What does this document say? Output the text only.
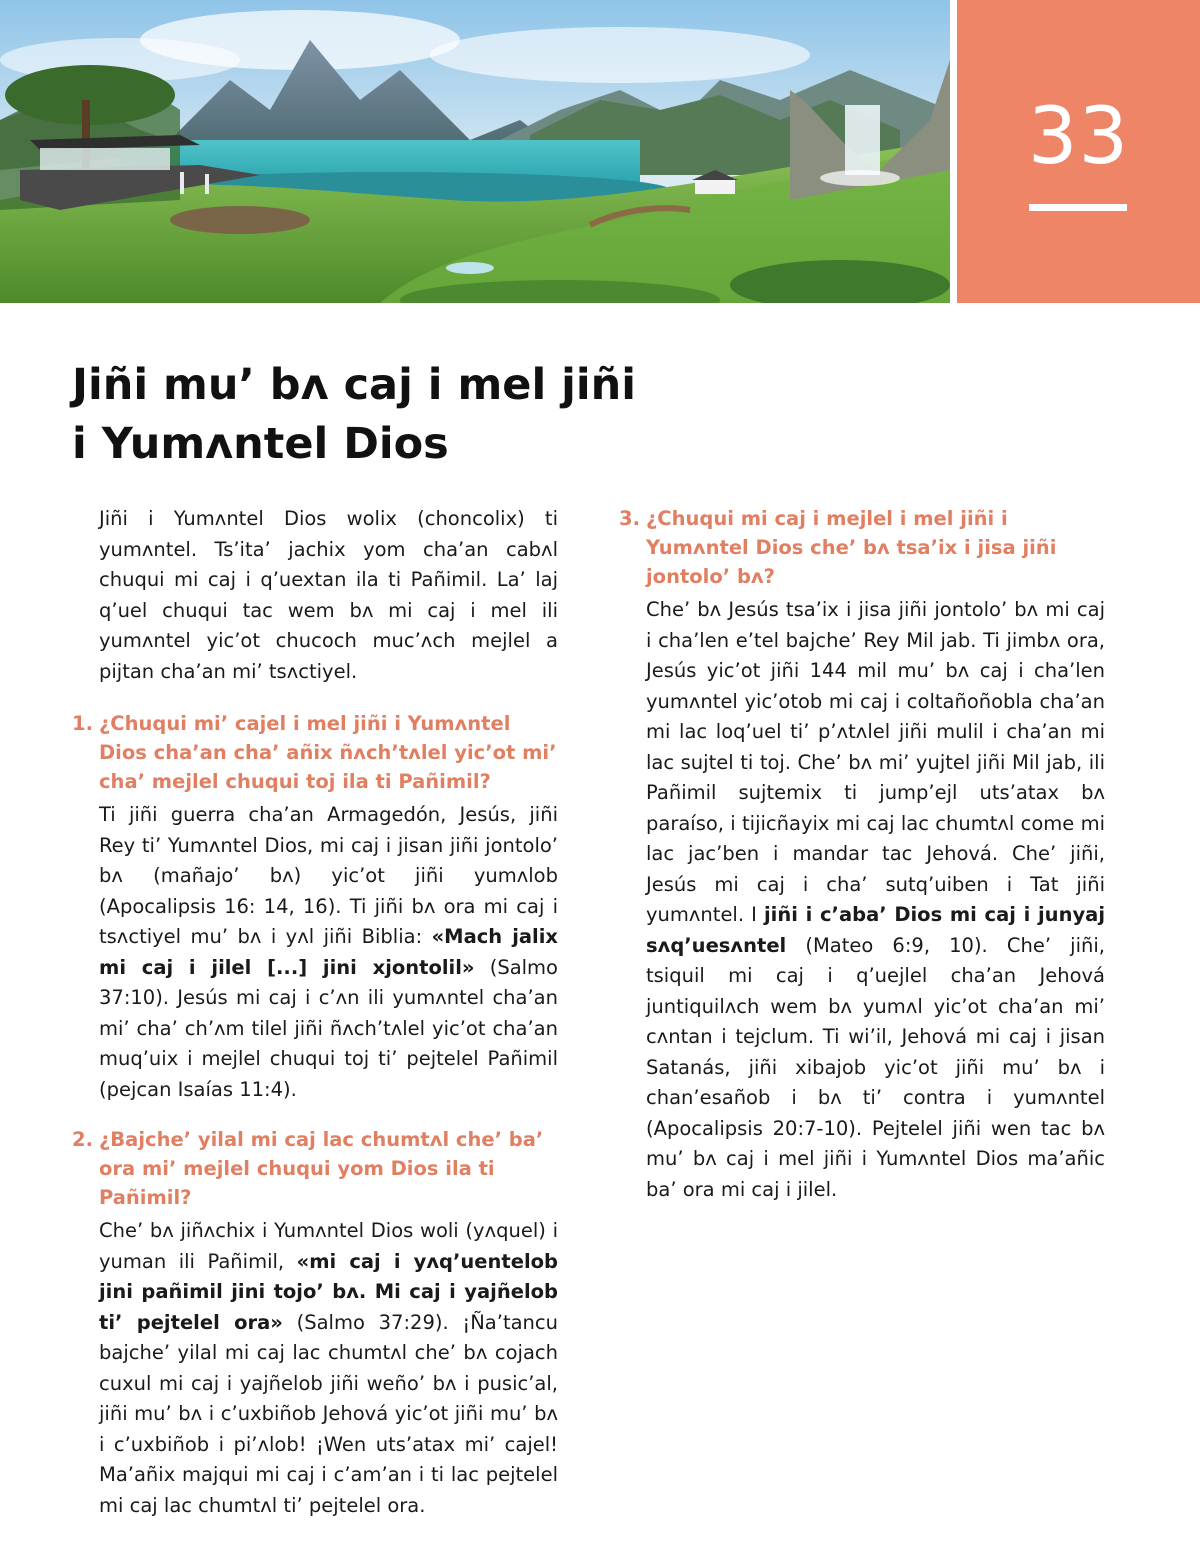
33
Jiñi mu’ bʌ caj i mel jiñi
i Yumʌntel Dios

Jiñi i Yumʌntel Dios wolix (choncolix) ti yumʌntel. Ts’ita’ jachix yom cha’an cabʌl chuqui mi caj i q’uextan ila ti Pañimil. La’ laj q’uel chuqui tac wem bʌ mi caj i mel ili yumʌntel yic’ot chucoch muc’ʌch mejlel a pijtan cha’an mi’ tsʌctiyel.

1. ¿Chuqui mi’ cajel i mel jiñi i Yumʌntel Dios cha’an cha’ añix ñʌch’tʌlel yic’ot mi’ cha’ mejlel chuqui toj ila ti Pañimil?

Ti jiñi guerra cha’an Armagedón, Jesús, jiñi Rey ti’ Yumʌntel Dios, mi caj i jisan jiñi jontolo’ bʌ (mañajo’ bʌ) yic’ot jiñi yumʌlob (Apocalipsis 16: 14, 16). Ti jiñi bʌ ora mi caj i tsʌctiyel mu’ bʌ i yʌl jiñi Biblia: «Mach jalix mi caj i jilel [...] jini xjontolil» (Salmo 37:10). Jesús mi caj i c’ʌn ili yumʌntel cha’an mi’ cha’ ch’ʌm tilel jiñi ñʌch’tʌlel yic’ot cha’an muq’uix i mejlel chuqui toj ti’ pejtelel Pañimil (pejcan Isaías 11:4).

2. ¿Bajche’ yilal mi caj lac chumtʌl che’ ba’ ora mi’ mejlel chuqui yom Dios ila ti Pañimil?

Che’ bʌ jiñʌchix i Yumʌntel Dios woli (yʌquel) i yuman ili Pañimil, «mi caj i yʌq’uentelob jini pañimil jini tojo’ bʌ. Mi caj i yajñelob ti’ pejtelel ora» (Salmo 37:29). ¡Ña’tancu bajche’ yilal mi caj lac chumtʌl che’ bʌ cojach cuxul mi caj i yajñelob jiñi weño’ bʌ i pusic’al, jiñi mu’ bʌ i c’uxbiñob Jehová yic’ot jiñi mu’ bʌ i c’uxbiñob i pi’ʌlob! ¡Wen uts’atax mi’ cajel! Ma’añix majqui mi caj i c’am’an i ti lac pejtelel mi caj lac chumtʌl ti’ pejtelel ora.

3. ¿Chuqui mi caj i mejlel i mel jiñi i Yumʌntel Dios che’ bʌ tsa’ix i jisa jiñi jontolo’ bʌ?

Che’ bʌ Jesús tsa’ix i jisa jiñi jontolo’ bʌ mi caj i cha’len e’tel bajche’ Rey Mil jab. Ti jimbʌ ora, Jesús yic’ot jiñi 144 mil mu’ bʌ caj i cha’len yumʌntel yic’otob mi caj i coltañoñobla cha’an mi lac loq’uel ti’ p’ʌtʌlel jiñi mulil i cha’an mi lac sujtel ti toj. Che’ bʌ mi’ yujtel jiñi Mil jab, ili Pañimil sujtemix ti jump’ejl uts’atax bʌ paraíso, i tijicñayix mi caj lac chumtʌl come mi lac jac’ben i mandar tac Jehová. Che’ jiñi, Jesús mi caj i cha’ sutq’uiben i Tat jiñi yumʌntel. I jiñi i c’aba’ Dios mi caj i junyaj sʌq’uesʌntel (Mateo 6:9, 10). Che’ jiñi, tsiquil mi caj i q’uejlel cha’an Jehová juntiquilʌch wem bʌ yumʌl yic’ot cha’an mi’ cʌntan i tejclum. Ti wi’il, Jehová mi caj i jisan Satanás, jiñi xibajob yic’ot jiñi mu’ bʌ i chan’esañob i bʌ ti’ contra i yumʌntel (Apocalipsis 20:7-10). Pejtelel jiñi wen tac bʌ mu’ bʌ caj i mel jiñi i Yumʌntel Dios ma’añic ba’ ora mi caj i jilel.
